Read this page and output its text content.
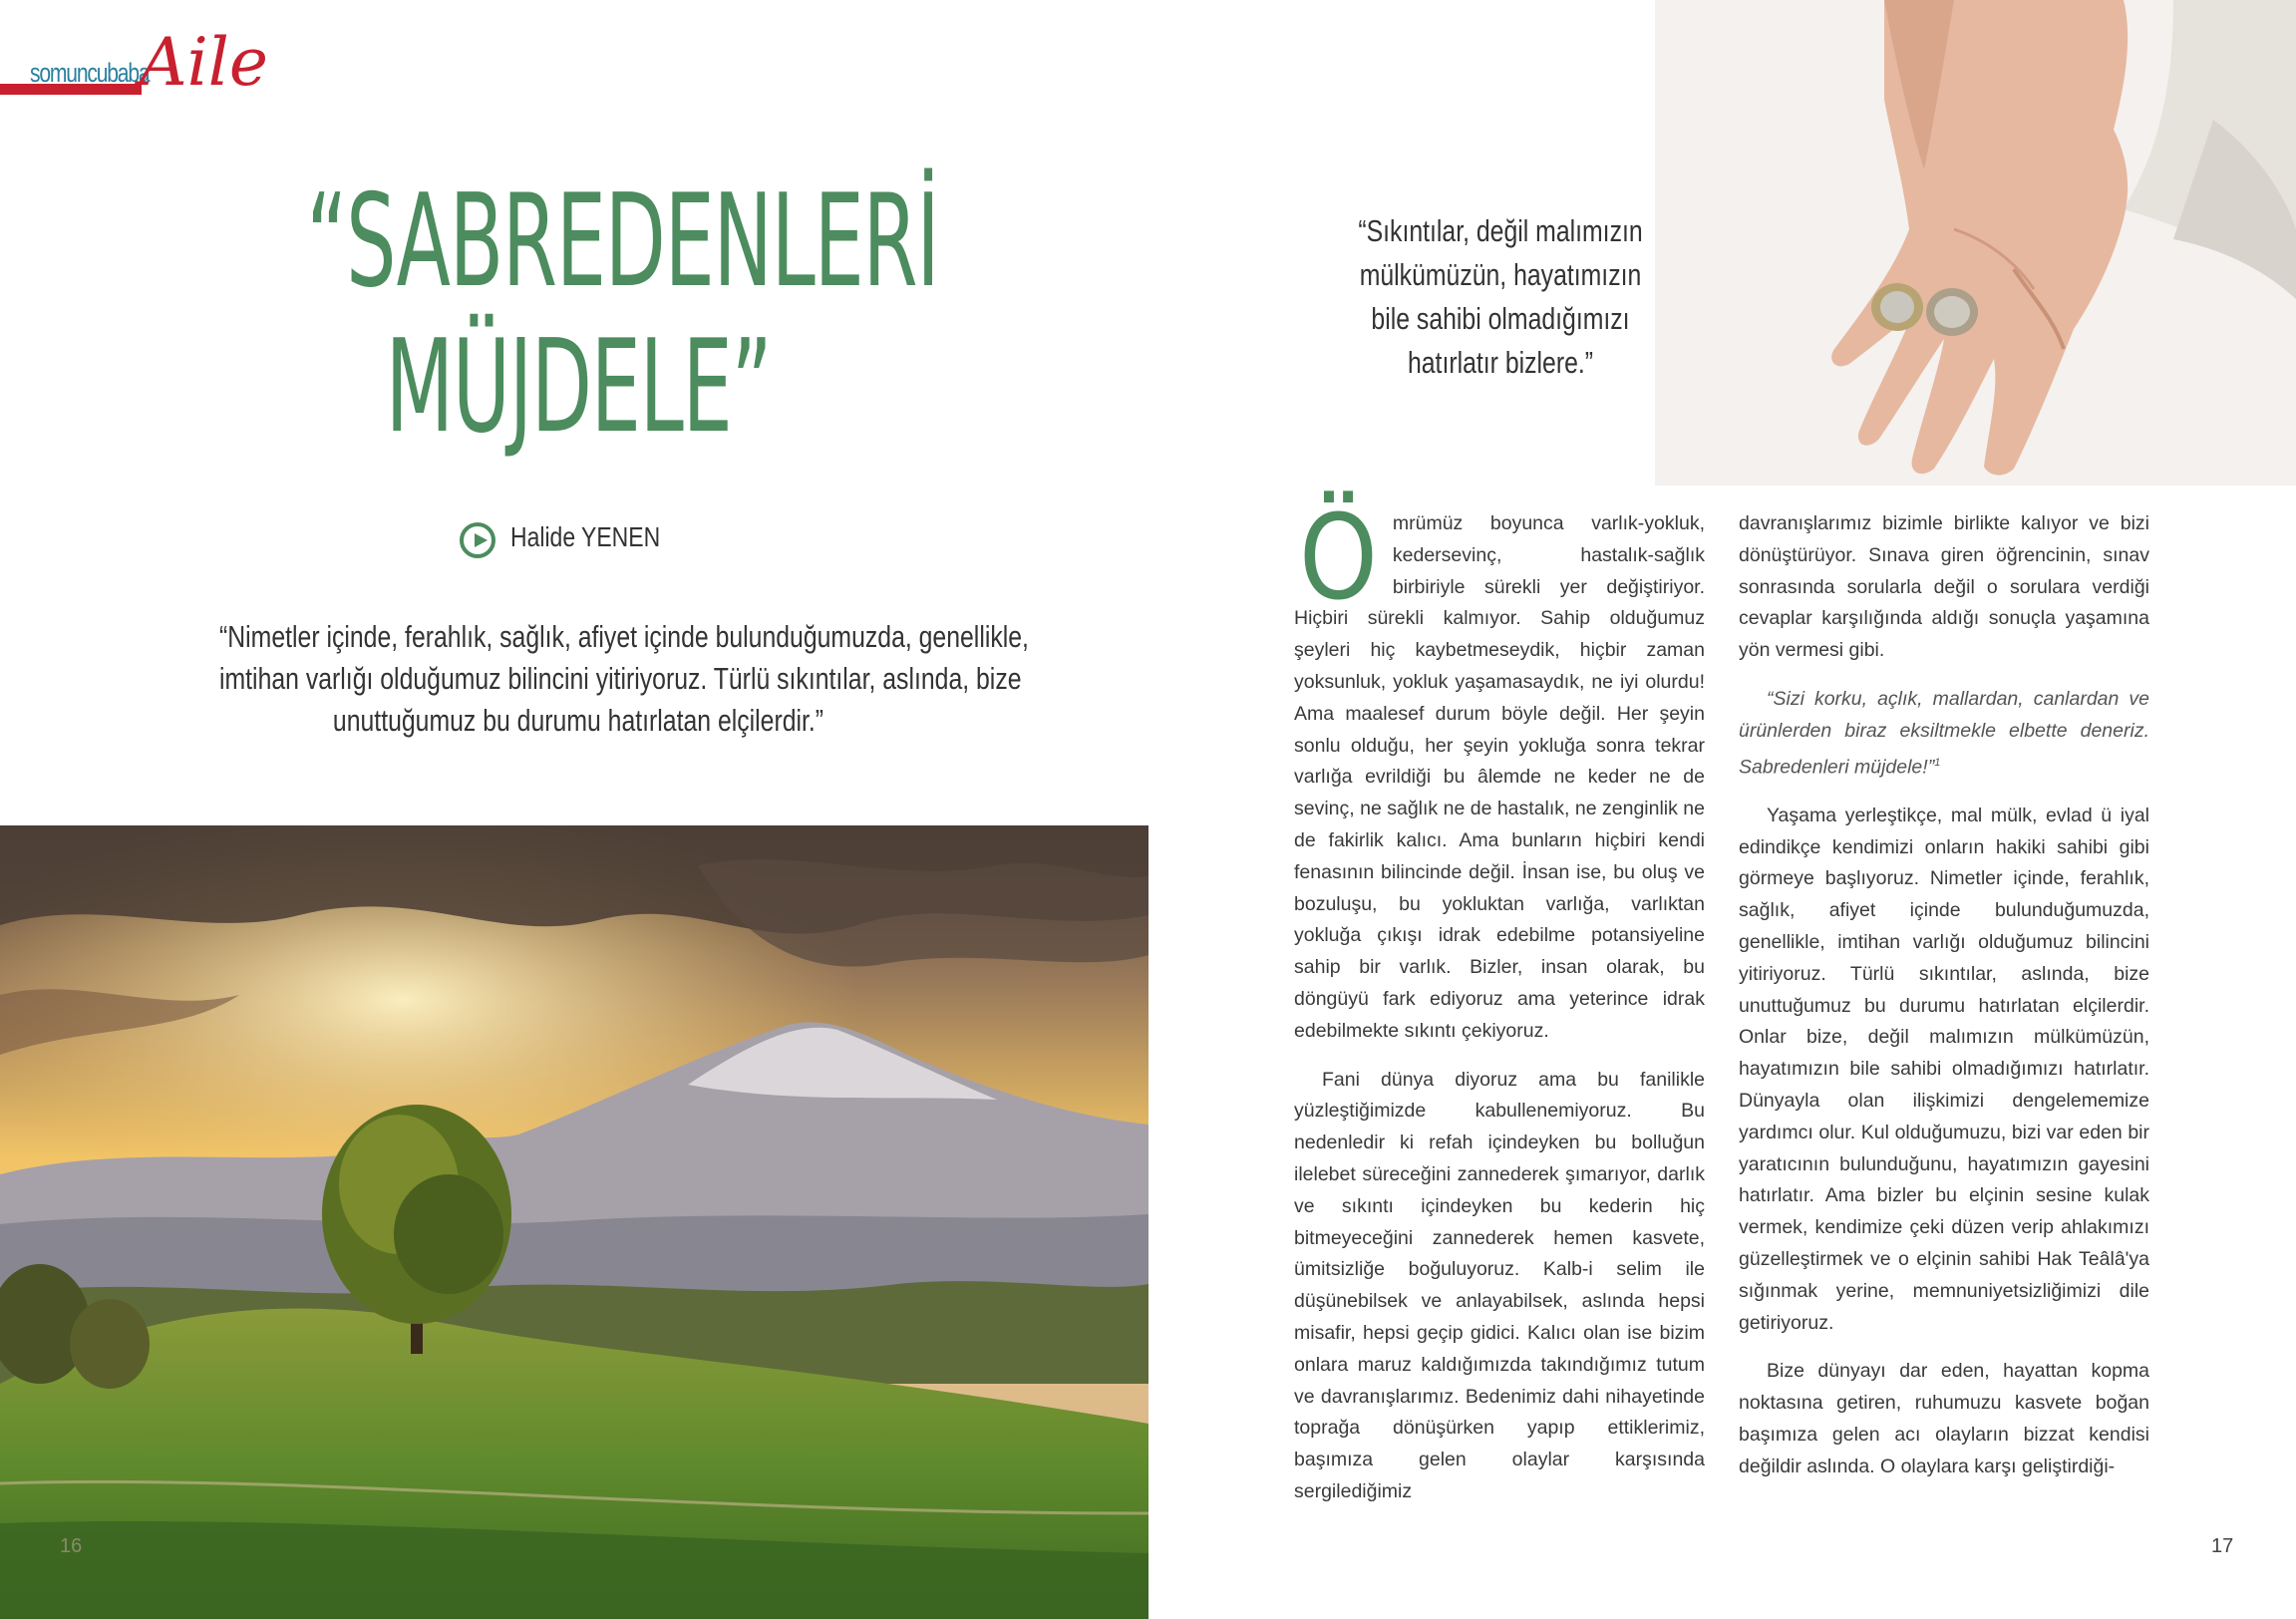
somuncubaba
Aile
“SABREDENLERİ
MÜJDELE”
Halide YENEN
“Nimetler içinde, ferahlık, sağlık, afiyet içinde bulunduğumuzda, genellikle,
imtihan varlığı olduğumuz bilincini yitiriyoruz. Türlü sıkıntılar, aslında, bize
unuttuğumuz bu durumu hatırlatan elçilerdir.”
“Sıkıntılar, değil malımızın
mülkümüzün, hayatımızın
bile sahibi olmadığımızı
hatırlatır bizlere.”

Ömrümüz boyunca varlık-yokluk, kedersevinç, hastalık-sağlık birbiriyle sürekli yer değiştiriyor. Hiçbiri sürekli kalmıyor. Sahip olduğumuz şeyleri hiç kaybetmeseydik, hiçbir zaman yoksunluk, yokluk yaşamasaydık, ne iyi olurdu! Ama maalesef durum böyle değil. Her şeyin sonlu olduğu, her şeyin yokluğa sonra tekrar varlığa evrildiği bu âlemde ne keder ne de sevinç, ne sağlık ne de hastalık, ne zenginlik ne de fakirlik kalıcı. Ama bunların hiçbiri kendi fenasının bilincinde değil. İnsan ise, bu oluş ve bozuluşu, bu yokluktan varlığa, varlıktan yokluğa çıkışı idrak edebilme potansiyeline sahip bir varlık. Bizler, insan olarak, bu döngüyü fark ediyoruz ama yeterince idrak edebilmekte sıkıntı çekiyoruz.

Fani dünya diyoruz ama bu fanilikle yüzleştiğimizde kabullenemiyoruz. Bu nedenledir ki refah içindeyken bu bolluğun ilelebet süreceğini zannederek şımarıyor, darlık ve sıkıntı içindeyken bu kederin hiç bitmeyeceğini zannederek hemen kasvete, ümitsizliğe boğuluyoruz. Kalb-i selim ile düşünebilsek ve anlayabilsek, aslında hepsi misafir, hepsi geçip gidici. Kalıcı olan ise bizim onlara maruz kaldığımızda takındığımız tutum ve davranışlarımız. Bedenimiz dahi nihayetinde toprağa dönüşürken yapıp ettiklerimiz, başımıza gelen olaylar karşısında sergilediğimiz

davranışlarımız bizimle birlikte kalıyor ve bizi dönüştürüyor. Sınava giren öğrencinin, sınav sonrasında sorularla değil o sorulara verdiği cevaplar karşılığında aldığı sonuçla yaşamına yön vermesi gibi.

“Sizi korku, açlık, mallardan, canlardan ve ürünlerden biraz eksiltmekle elbette deneriz. Sabredenleri müjdele!”$^1$

Yaşama yerleştikçe, mal mülk, evlad ü iyal edindikçe kendimizi onların hakiki sahibi gibi görmeye başlıyoruz. Nimetler içinde, ferahlık, sağlık, afiyet içinde bulunduğumuzda, genellikle, imtihan varlığı olduğumuz bilincini yitiriyoruz. Türlü sıkıntılar, aslında, bize unuttuğumuz bu durumu hatırlatan elçilerdir. Onlar bize, değil malımızın mülkümüzün, hayatımızın bile sahibi olmadığımızı hatırlatır. Dünyayla olan ilişkimizi dengelememize yardımcı olur. Kul olduğumuzu, bizi var eden bir yaratıcının bulunduğunu, hayatımızın gayesini hatırlatır. Ama bizler bu elçinin sesine kulak vermek, kendimize çeki düzen verip ahlakımızı güzelleştirmek ve o elçinin sahibi Hak Teâlâ'ya sığınmak yerine, memnuniyetsizliğimizi dile getiriyoruz.

Bize dünyayı dar eden, hayattan kopma noktasına getiren, ruhumuzu kasvete boğan başımıza gelen acı olayların bizzat kendisi değildir aslında. O olaylara karşı geliştirdiği-

16	17
